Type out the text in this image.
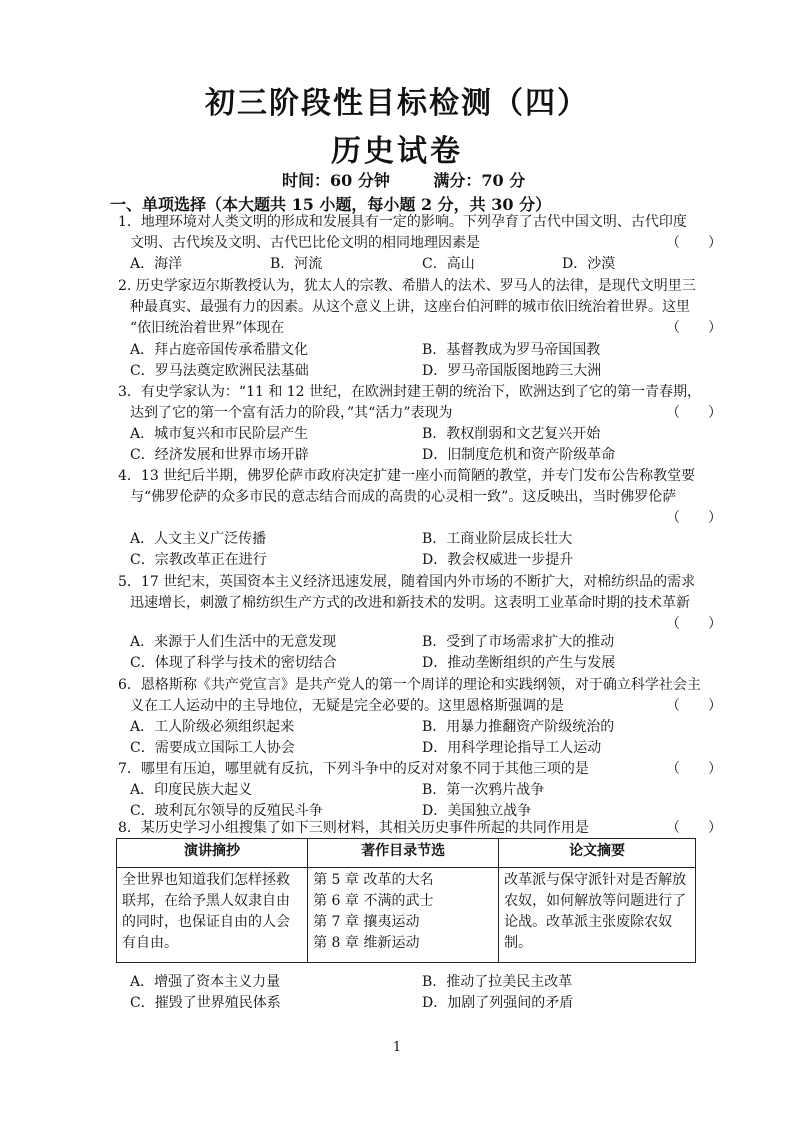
初三阶段性目标检测（四）
历史试卷
时间：60 分钟	满分：70 分
一、单项选择（本大题共 15 小题，每小题 2 分，共 30 分）
1．地理环境对人类文明的形成和发展具有一定的影响。下列孕育了古代中国文明、古代印度
文明、古代埃及文明、古代巴比伦文明的相同地理因素是	（　　）
A．海洋	B．河流	C．高山	D．沙漠
2. 历史学家迈尔斯教授认为，犹太人的宗教、希腊人的法术、罗马人的法律，是现代文明里三
种最真实、最强有力的因素。从这个意义上讲，这座台伯河畔的城市依旧统治着世界。这里
“依旧统治着世界”体现在	（　　）
A．拜占庭帝国传承希腊文化	B．基督教成为罗马帝国国教
C．罗马法奠定欧洲民法基础	D．罗马帝国版图地跨三大洲
3．有史学家认为：“11 和 12 世纪，在欧洲封建王朝的统治下，欧洲达到了它的第一青春期，
达到了它的第一个富有活力的阶段，”其“活力”表现为	（　　）
A．城市复兴和市民阶层产生	B．教权削弱和文艺复兴开始
C．经济发展和世界市场开辟	D．旧制度危机和资产阶级革命
4．13 世纪后半期，佛罗伦萨市政府决定扩建一座小而简陋的教堂，并专门发布公告称教堂要
与“佛罗伦萨的众多市民的意志结合而成的高贵的心灵相一致”。这反映出，当时佛罗伦萨
（　　）
A．人文主义广泛传播	B．工商业阶层成长壮大
C．宗教改革正在进行	D．教会权威进一步提升
5．17 世纪末，英国资本主义经济迅速发展，随着国内外市场的不断扩大，对棉纺织品的需求
迅速增长，刺激了棉纺织生产方式的改进和新技术的发明。这表明工业革命时期的技术革新
（　　）
A．来源于人们生活中的无意发现	B．受到了市场需求扩大的推动
C．体现了科学与技术的密切结合	D．推动垄断组织的产生与发展
6．恩格斯称《共产党宣言》是共产党人的第一个周详的理论和实践纲领，对于确立科学社会主
义在工人运动中的主导地位，无疑是完全必要的。这里恩格斯强调的是	（　　）
A．工人阶级必须组织起来	B．用暴力推翻资产阶级统治的
C．需要成立国际工人协会	D．用科学理论指导工人运动
7．哪里有压迫，哪里就有反抗，下列斗争中的反对对象不同于其他三项的是	（　　）
A．印度民族大起义	B．第一次鸦片战争
C．玻利瓦尔领导的反殖民斗争	D．美国独立战争
8．某历史学习小组搜集了如下三则材料，其相关历史事件所起的共同作用是	（　　）
演讲摘抄	著作目录节选	论文摘要
全世界也知道我们怎样拯救联邦，在给予黑人奴隶自由的同时，也保证自由的人会有自由。	第 5 章 改革的大名
第 6 章 不满的武士
第 7 章 攘夷运动
第 8 章 维新运动	改革派与保守派针对是否解放农奴，如何解放等问题进行了论战。改革派主张废除农奴制。
A．增强了资本主义力量	B．推动了拉美民主改革
C．摧毁了世界殖民体系	D．加剧了列强间的矛盾
1
